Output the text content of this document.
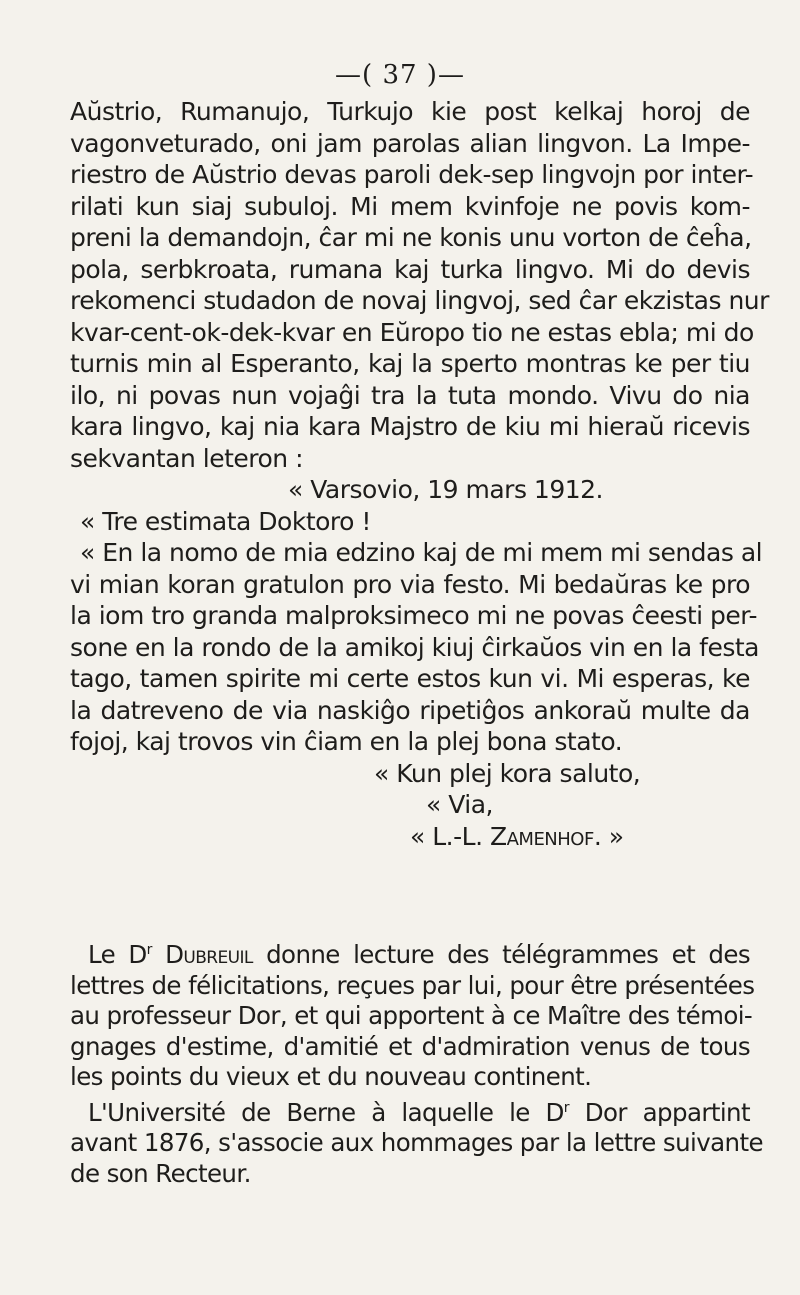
—( 37 )—
Aŭstrio, Rumanujo, Turkujo kie post kelkaj horoj de
vagonveturado, oni jam parolas alian lingvon. La Impe-
riestro de Aŭstrio devas paroli dek-sep lingvojn por inter-
rilati kun siaj subuloj. Mi mem kvinfoje ne povis kom-
preni la demandojn, ĉar mi ne konis unu vorton de ĉeĥa,
pola, serbkroata, rumana kaj turka lingvo. Mi do devis
rekomenci studadon de novaj lingvoj, sed ĉar ekzistas nur
kvar-cent-ok-dek-kvar en Eŭropo tio ne estas ebla; mi do
turnis min al Esperanto, kaj la sperto montras ke per tiu
ilo, ni povas nun vojaĝi tra la tuta mondo. Vivu do nia
kara lingvo, kaj nia kara Majstro de kiu mi hieraŭ ricevis
sekvantan leteron :
« Varsovio, 19 mars 1912.
« Tre estimata Doktoro !
« En la nomo de mia edzino kaj de mi mem mi sendas al
vi mian koran gratulon pro via festo. Mi bedaŭras ke pro
la iom tro granda malproksimeco mi ne povas ĉeesti per-
sone en la rondo de la amikoj kiuj ĉirkaŭos vin en la festa
tago, tamen spirite mi certe estos kun vi. Mi esperas, ke
la datreveno de via naskiĝo ripetiĝos ankoraŭ multe da
fojoj, kaj trovos vin ĉiam en la plej bona stato.
« Kun plej kora saluto,
« Via,
« L.-L. Zamenhof. »
Le $D^r$ Dubreuil donne lecture des télégrammes et des
lettres de félicitations, reçues par lui, pour être présentées
au professeur Dor, et qui apportent à ce Maître des témoi-
gnages d'estime, d'amitié et d'admiration venus de tous
les points du vieux et du nouveau continent.
L'Université de Berne à laquelle le $D^r$ Dor appartint
avant 1876, s'associe aux hommages par la lettre suivante
de son Recteur.
